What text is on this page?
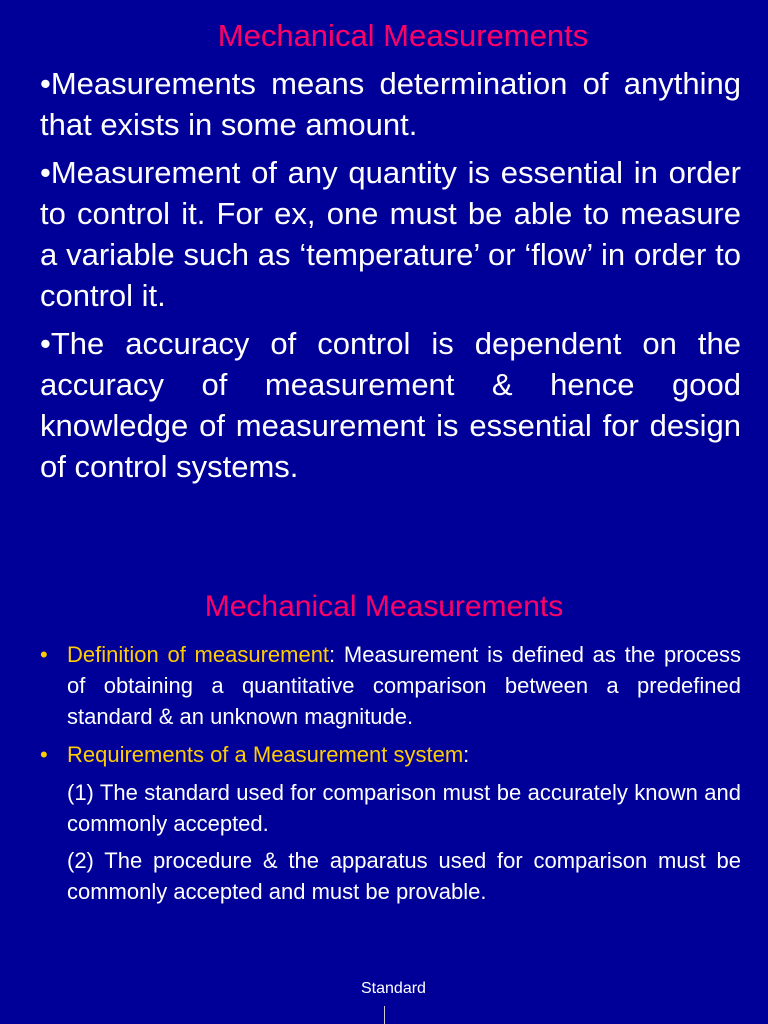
Mechanical Measurements

•Measurements means determination of anything that exists in some amount.

•Measurement of any quantity is essential in order to control it. For ex, one must be able to measure a variable such as ‘temperature’ or ‘flow’ in order to control it.

•The accuracy of control is dependent on the accuracy of measurement & hence good knowledge of measurement is essential for design of control systems.

Mechanical Measurements
• Definition of measurement: Measurement is defined as the process of obtaining a quantitative comparison between a predefined standard & an unknown magnitude.
• Requirements of a Measurement system:

(1) The standard used for comparison must be accurately known and commonly accepted.

(2) The procedure & the apparatus used for comparison must be commonly accepted and must be provable.

Standard
